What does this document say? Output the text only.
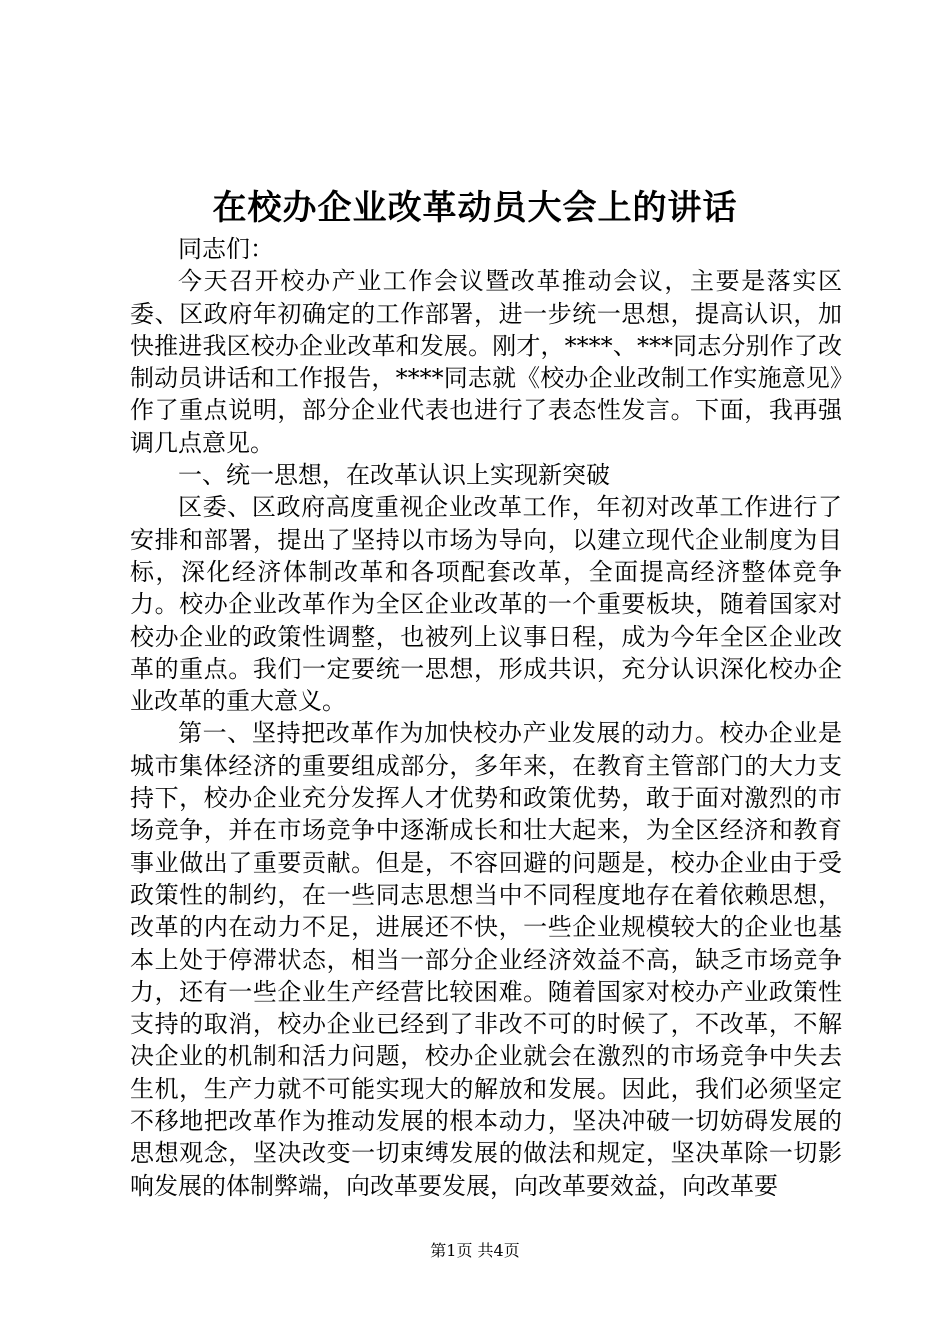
在校办企业改革动员大会上的讲话

同志们：

今天召开校办产业工作会议暨改革推动会议，主要是落实区委、区政府年初确定的工作部署，进一步统一思想，提高认识，加快推进我区校办企业改革和发展。刚才，****、***同志分别作了改制动员讲话和工作报告，****同志就《校办企业改制工作实施意见》作了重点说明，部分企业代表也进行了表态性发言。下面，我再强调几点意见。

一、统一思想，在改革认识上实现新突破

区委、区政府高度重视企业改革工作，年初对改革工作进行了安排和部署，提出了坚持以市场为导向，以建立现代企业制度为目标，深化经济体制改革和各项配套改革，全面提高经济整体竞争力。校办企业改革作为全区企业改革的一个重要板块，随着国家对校办企业的政策性调整，也被列上议事日程，成为今年全区企业改革的重点。我们一定要统一思想，形成共识，充分认识深化校办企业改革的重大意义。

第一、坚持把改革作为加快校办产业发展的动力。校办企业是城市集体经济的重要组成部分，多年来，在教育主管部门的大力支持下，校办企业充分发挥人才优势和政策优势，敢于面对激烈的市场竞争，并在市场竞争中逐渐成长和壮大起来，为全区经济和教育事业做出了重要贡献。但是，不容回避的问题是，校办企业由于受政策性的制约，在一些同志思想当中不同程度地存在着依赖思想，改革的内在动力不足，进展还不快，一些企业规模较大的企业也基本上处于停滞状态，相当一部分企业经济效益不高，缺乏市场竞争力，还有一些企业生产经营比较困难。随着国家对校办产业政策性支持的取消，校办企业已经到了非改不可的时候了，不改革，不解决企业的机制和活力问题，校办企业就会在激烈的市场竞争中失去生机，生产力就不可能实现大的解放和发展。因此，我们必须坚定不移地把改革作为推动发展的根本动力，坚决冲破一切妨碍发展的思想观念，坚决改变一切束缚发展的做法和规定，坚决革除一切影响发展的体制弊端，向改革要发展，向改革要效益，向改革要

第1页 共4页
